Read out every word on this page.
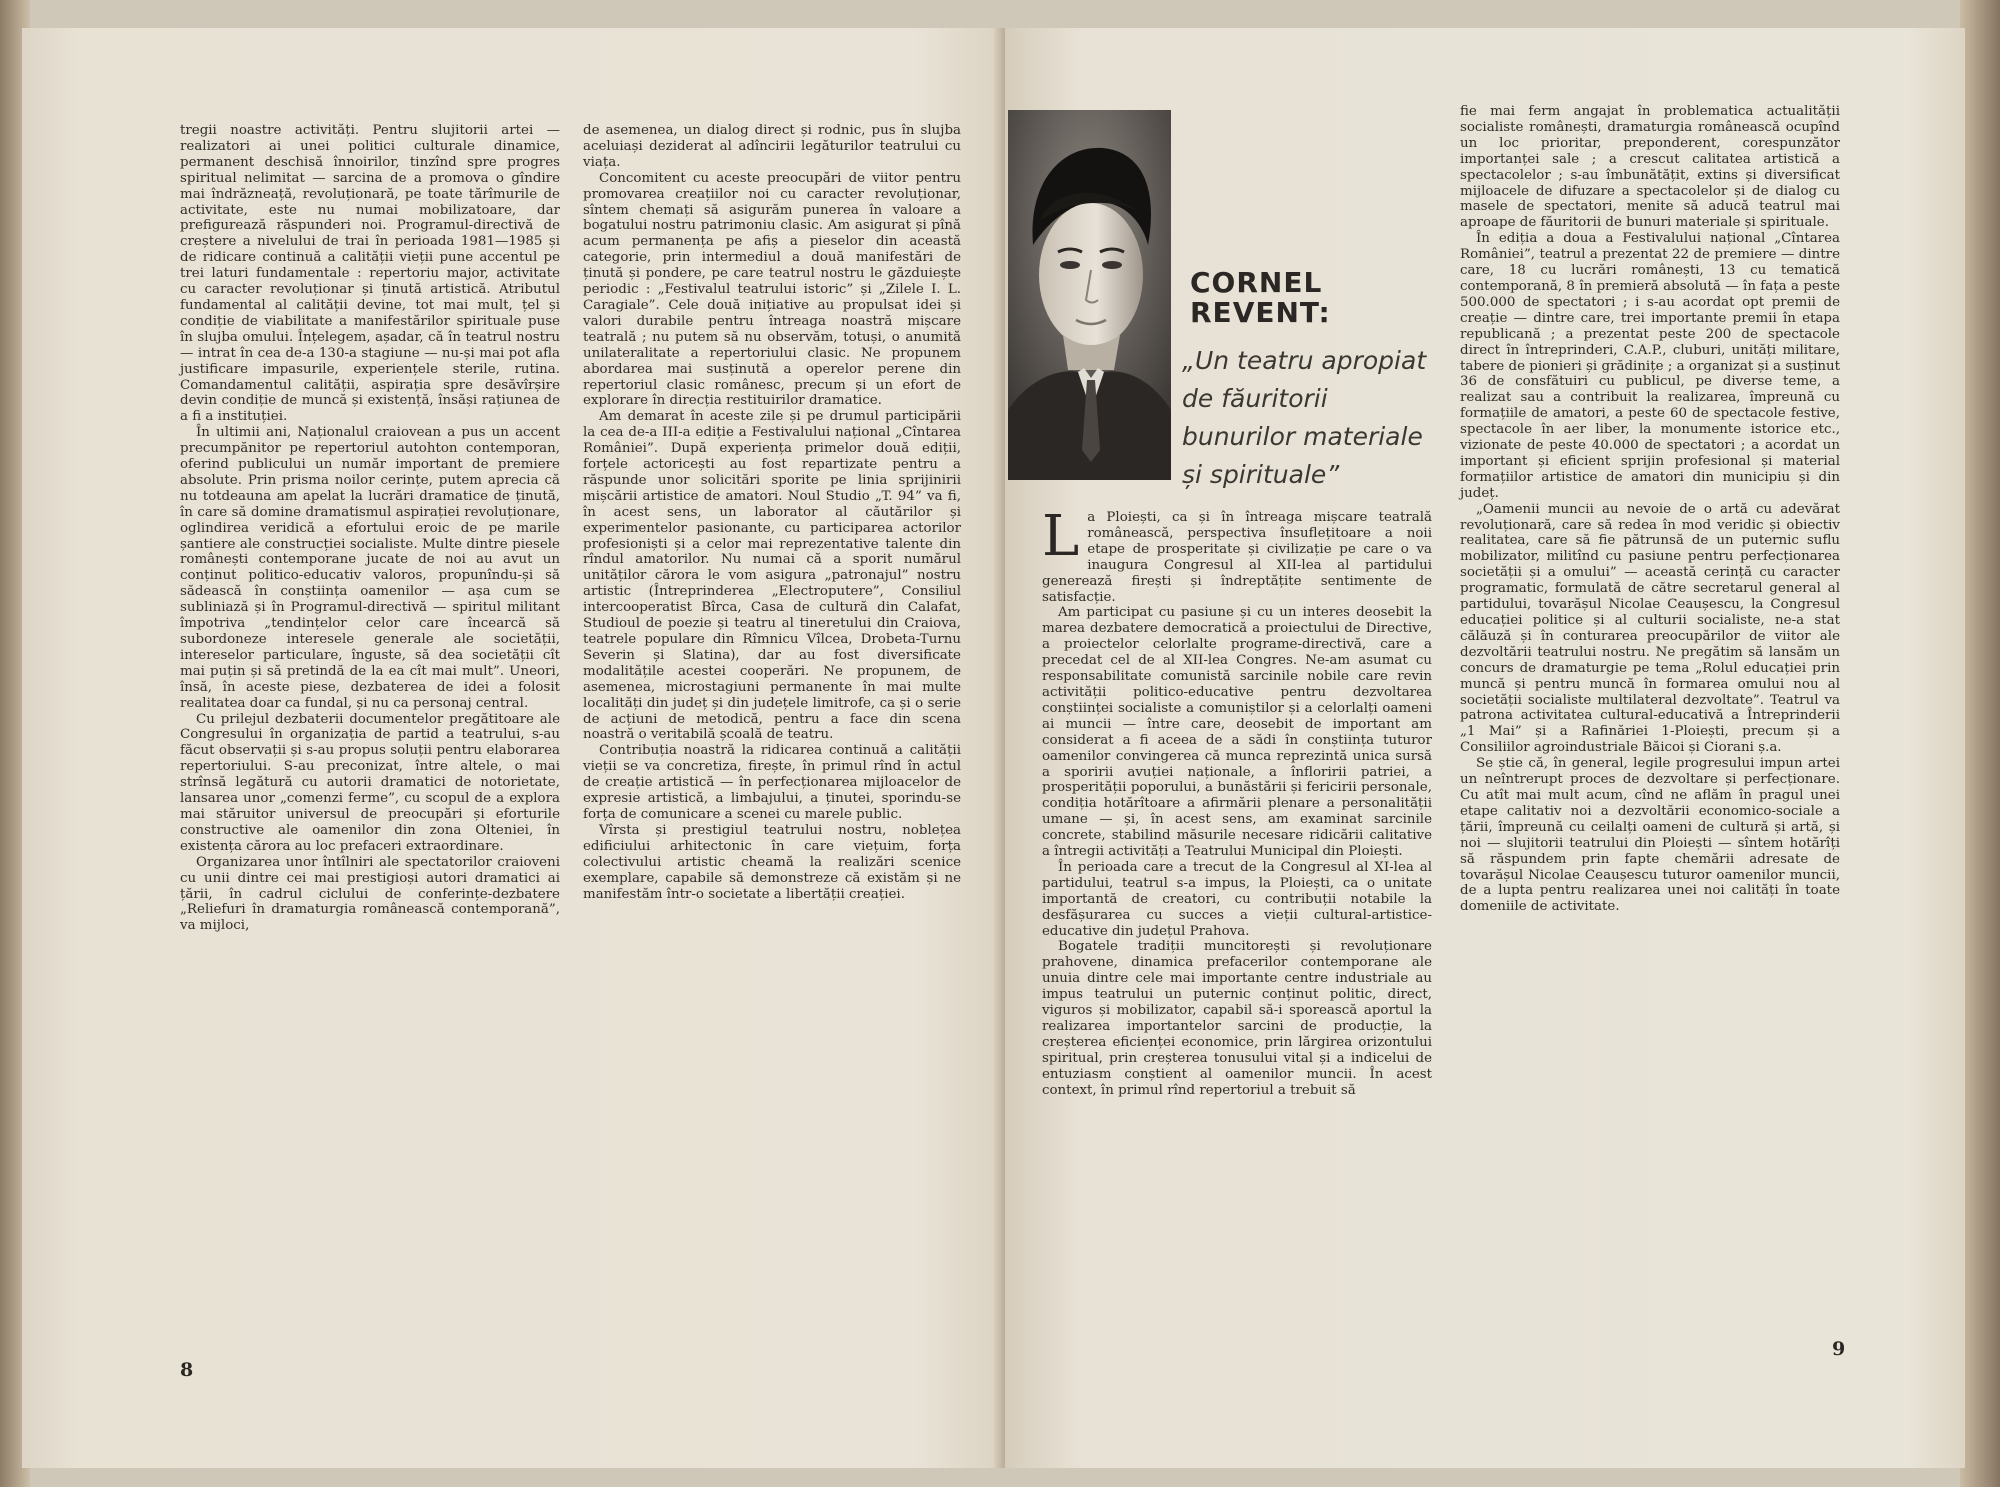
tregii noastre activități. Pentru slujitorii artei — realizatori ai unei politici culturale dinamice, permanent deschisă înnoirilor, tinzînd spre progres spiritual nelimitat — sarcina de a promova o gîndire mai îndrăzneață, revoluționară, pe toate tărîmurile de activitate, este nu numai mobilizatoare, dar prefigurează răspunderi noi. Programul-directivă de creștere a nivelului de trai în perioada 1981—1985 și de ridicare continuă a calității vieții pune accentul pe trei laturi fundamentale : repertoriu major, activitate cu caracter revoluționar și ținută artistică. Atributul fundamental al calității devine, tot mai mult, țel și condiție de viabilitate a manifestărilor spirituale puse în slujba omului. Înțelegem, așadar, că în teatrul nostru — intrat în cea de-a 130-a stagiune — nu-și mai pot afla justificare impasurile, experiențele sterile, rutina. Comandamentul calității, aspirația spre desăvîrșire devin condiție de muncă și existență, însăși rațiunea de a fi a instituției.

În ultimii ani, Naționalul craiovean a pus un accent precumpănitor pe repertoriul autohton contemporan, oferind publicului un număr important de premiere absolute. Prin prisma noilor cerințe, putem aprecia că nu totdeauna am apelat la lucrări dramatice de ținută, în care să domine dramatismul aspirației revoluționare, oglindirea veridică a efortului eroic de pe marile șantiere ale construcției socialiste. Multe dintre piesele românești contemporane jucate de noi au avut un conținut politico-educativ valoros, propunîndu-și să sădească în conștiința oamenilor — așa cum se subliniază și în Programul-directivă — spiritul militant împotriva „tendințelor celor care încearcă să subordoneze interesele generale ale societății, intereselor particulare, înguste, să dea societății cît mai puțin și să pretindă de la ea cît mai mult”. Uneori, însă, în aceste piese, dezbaterea de idei a folosit realitatea doar ca fundal, și nu ca personaj central.

Cu prilejul dezbaterii documentelor pregătitoare ale Congresului în organizația de partid a teatrului, s-au făcut observații și s-au propus soluții pentru elaborarea repertoriului. S-au preconizat, între altele, o mai strînsă legătură cu autorii dramatici de notorietate, lansarea unor „comenzi ferme”, cu scopul de a explora mai stăruitor universul de preocupări și eforturile constructive ale oamenilor din zona Olteniei, în existența cărora au loc prefaceri extraordinare.

Organizarea unor întîlniri ale spectatorilor craioveni cu unii dintre cei mai prestigioși autori dramatici ai țării, în cadrul ciclului de conferințe-dezbatere „Reliefuri în dramaturgia românească contemporană”, va mijloci,

de asemenea, un dialog direct și rodnic, pus în slujba aceluiași deziderat al adîncirii legăturilor teatrului cu viața.

Concomitent cu aceste preocupări de viitor pentru promovarea creațiilor noi cu caracter revoluționar, sîntem chemați să asigurăm punerea în valoare a bogatului nostru patrimoniu clasic. Am asigurat și pînă acum permanența pe afiș a pieselor din această categorie, prin intermediul a două manifestări de ținută și pondere, pe care teatrul nostru le găzduiește periodic : „Festivalul teatrului istoric” și „Zilele I. L. Caragiale”. Cele două inițiative au propulsat idei și valori durabile pentru întreaga noastră mișcare teatrală ; nu putem să nu observăm, totuși, o anumită unilateralitate a repertoriului clasic. Ne propunem abordarea mai susținută a operelor perene din repertoriul clasic românesc, precum și un efort de explorare în direcția restituirilor dramatice.

Am demarat în aceste zile și pe drumul participării la cea de-a III-a ediție a Festivalului național „Cîntarea României”. După experiența primelor două ediții, forțele actoricești au fost repartizate pentru a răspunde unor solicitări sporite pe linia sprijinirii mișcării artistice de amatori. Noul Studio „T. 94” va fi, în acest sens, un laborator al căutărilor și experimentelor pasionante, cu participarea actorilor profesioniști și a celor mai reprezentative talente din rîndul amatorilor. Nu numai că a sporit numărul unităților cărora le vom asigura „patronajul” nostru artistic (Întreprinderea „Electroputere”, Consiliul intercooperatist Bîrca, Casa de cultură din Calafat, Studioul de poezie și teatru al tineretului din Craiova, teatrele populare din Rîmnicu Vîlcea, Drobeta-Turnu Severin și Slatina), dar au fost diversificate modalitățile acestei cooperări. Ne propunem, de asemenea, microstagiuni permanente în mai multe localități din județ și din județele limitrofe, ca și o serie de acțiuni de metodică, pentru a face din scena noastră o veritabilă școală de teatru.

Contribuția noastră la ridicarea continuă a calității vieții se va concretiza, firește, în primul rînd în actul de creație artistică — în perfecționarea mijloacelor de expresie artistică, a limbajului, a ținutei, sporindu-se forța de comunicare a scenei cu marele public.

Vîrsta și prestigiul teatrului nostru, noblețea edificiului arhitectonic în care viețuim, forța colectivului artistic cheamă la realizări scenice exemplare, capabile să demonstreze că existăm și ne manifestăm într-o societate a libertății creației.

8
CORNEL
REVENT:
„Un teatru apropiat
de făuritorii
bunurilor materiale
și spirituale”

La Ploiești, ca și în întreaga mișcare teatrală românească, perspectiva însuflețitoare a noii etape de prosperitate și civilizație pe care o va inaugura Congresul al XII-lea al partidului generează firești și îndreptățite sentimente de satisfacție.

Am participat cu pasiune și cu un interes deosebit la marea dezbatere democratică a proiectului de Directive, a proiectelor celorlalte programe-directivă, care a precedat cel de al XII-lea Congres. Ne-am asumat cu responsabilitate comunistă sarcinile nobile care revin activității politico-educative pentru dezvoltarea conștiinței socialiste a comuniștilor și a celorlalți oameni ai muncii — între care, deosebit de important am considerat a fi aceea de a sădi în conștiința tuturor oamenilor convingerea că munca reprezintă unica sursă a sporirii avuției naționale, a înfloririi patriei, a prosperității poporului, a bunăstării și fericirii personale, condiția hotărîtoare a afirmării plenare a personalității umane — și, în acest sens, am examinat sarcinile concrete, stabilind măsurile necesare ridicării calitative a întregii activități a Teatrului Municipal din Ploiești.

În perioada care a trecut de la Congresul al XI-lea al partidului, teatrul s-a impus, la Ploiești, ca o unitate importantă de creatori, cu contribuții notabile la desfășurarea cu succes a vieții cultural-artistice-educative din județul Prahova.

Bogatele tradiții muncitorești și revoluționare prahovene, dinamica prefacerilor contemporane ale unuia dintre cele mai importante centre industriale au impus teatrului un puternic conținut politic, direct, viguros și mobilizator, capabil să-i sporească aportul la realizarea importantelor sarcini de producție, la creșterea eficienței economice, prin lărgirea orizontului spiritual, prin creșterea tonusului vital și a indicelui de entuziasm conștient al oamenilor muncii. În acest context, în primul rînd repertoriul a trebuit să

fie mai ferm angajat în problematica actualității socialiste românești, dramaturgia românească ocupînd un loc prioritar, preponderent, corespunzător importanței sale ; a crescut calitatea artistică a spectacolelor ; s-au îmbunătățit, extins și diversificat mijloacele de difuzare a spectacolelor și de dialog cu masele de spectatori, menite să aducă teatrul mai aproape de făuritorii de bunuri materiale și spirituale.

În ediția a doua a Festivalului național „Cîntarea României”, teatrul a prezentat 22 de premiere — dintre care, 18 cu lucrări românești, 13 cu tematică contemporană, 8 în premieră absolută — în fața a peste 500.000 de spectatori ; i s-au acordat opt premii de creație — dintre care, trei importante premii în etapa republicană ; a prezentat peste 200 de spectacole direct în întreprinderi, C.A.P., cluburi, unități militare, tabere de pionieri și grădinițe ; a organizat și a susținut 36 de consfătuiri cu publicul, pe diverse teme, a realizat sau a contribuit la realizarea, împreună cu formațiile de amatori, a peste 60 de spectacole festive, spectacole în aer liber, la monumente istorice etc., vizionate de peste 40.000 de spectatori ; a acordat un important și eficient sprijin profesional și material formațiilor artistice de amatori din municipiu și din județ.

„Oamenii muncii au nevoie de o artă cu adevărat revoluționară, care să redea în mod veridic și obiectiv realitatea, care să fie pătrunsă de un puternic suflu mobilizator, militînd cu pasiune pentru perfecționarea societății și a omului” — această cerință cu caracter programatic, formulată de către secretarul general al partidului, tovarășul Nicolae Ceaușescu, la Congresul educației politice și al culturii socialiste, ne-a stat călăuză și în conturarea preocupărilor de viitor ale dezvoltării teatrului nostru. Ne pregătim să lansăm un concurs de dramaturgie pe tema „Rolul educației prin muncă și pentru muncă în formarea omului nou al societății socialiste multilateral dezvoltate”. Teatrul va patrona activitatea cultural-educativă a Întreprinderii „1 Mai” și a Rafinăriei 1-Ploiești, precum și a Consiliilor agroindustriale Băicoi și Ciorani ș.a.

Se știe că, în general, legile progresului impun artei un neîntrerupt proces de dezvoltare și perfecționare. Cu atît mai mult acum, cînd ne aflăm în pragul unei etape calitativ noi a dezvoltării economico-sociale a țării, împreună cu ceilalți oameni de cultură și artă, și noi — slujitorii teatrului din Ploiești — sîntem hotărîți să răspundem prin fapte chemării adresate de tovarășul Nicolae Ceaușescu tuturor oamenilor muncii, de a lupta pentru realizarea unei noi calități în toate domeniile de activitate.

9
